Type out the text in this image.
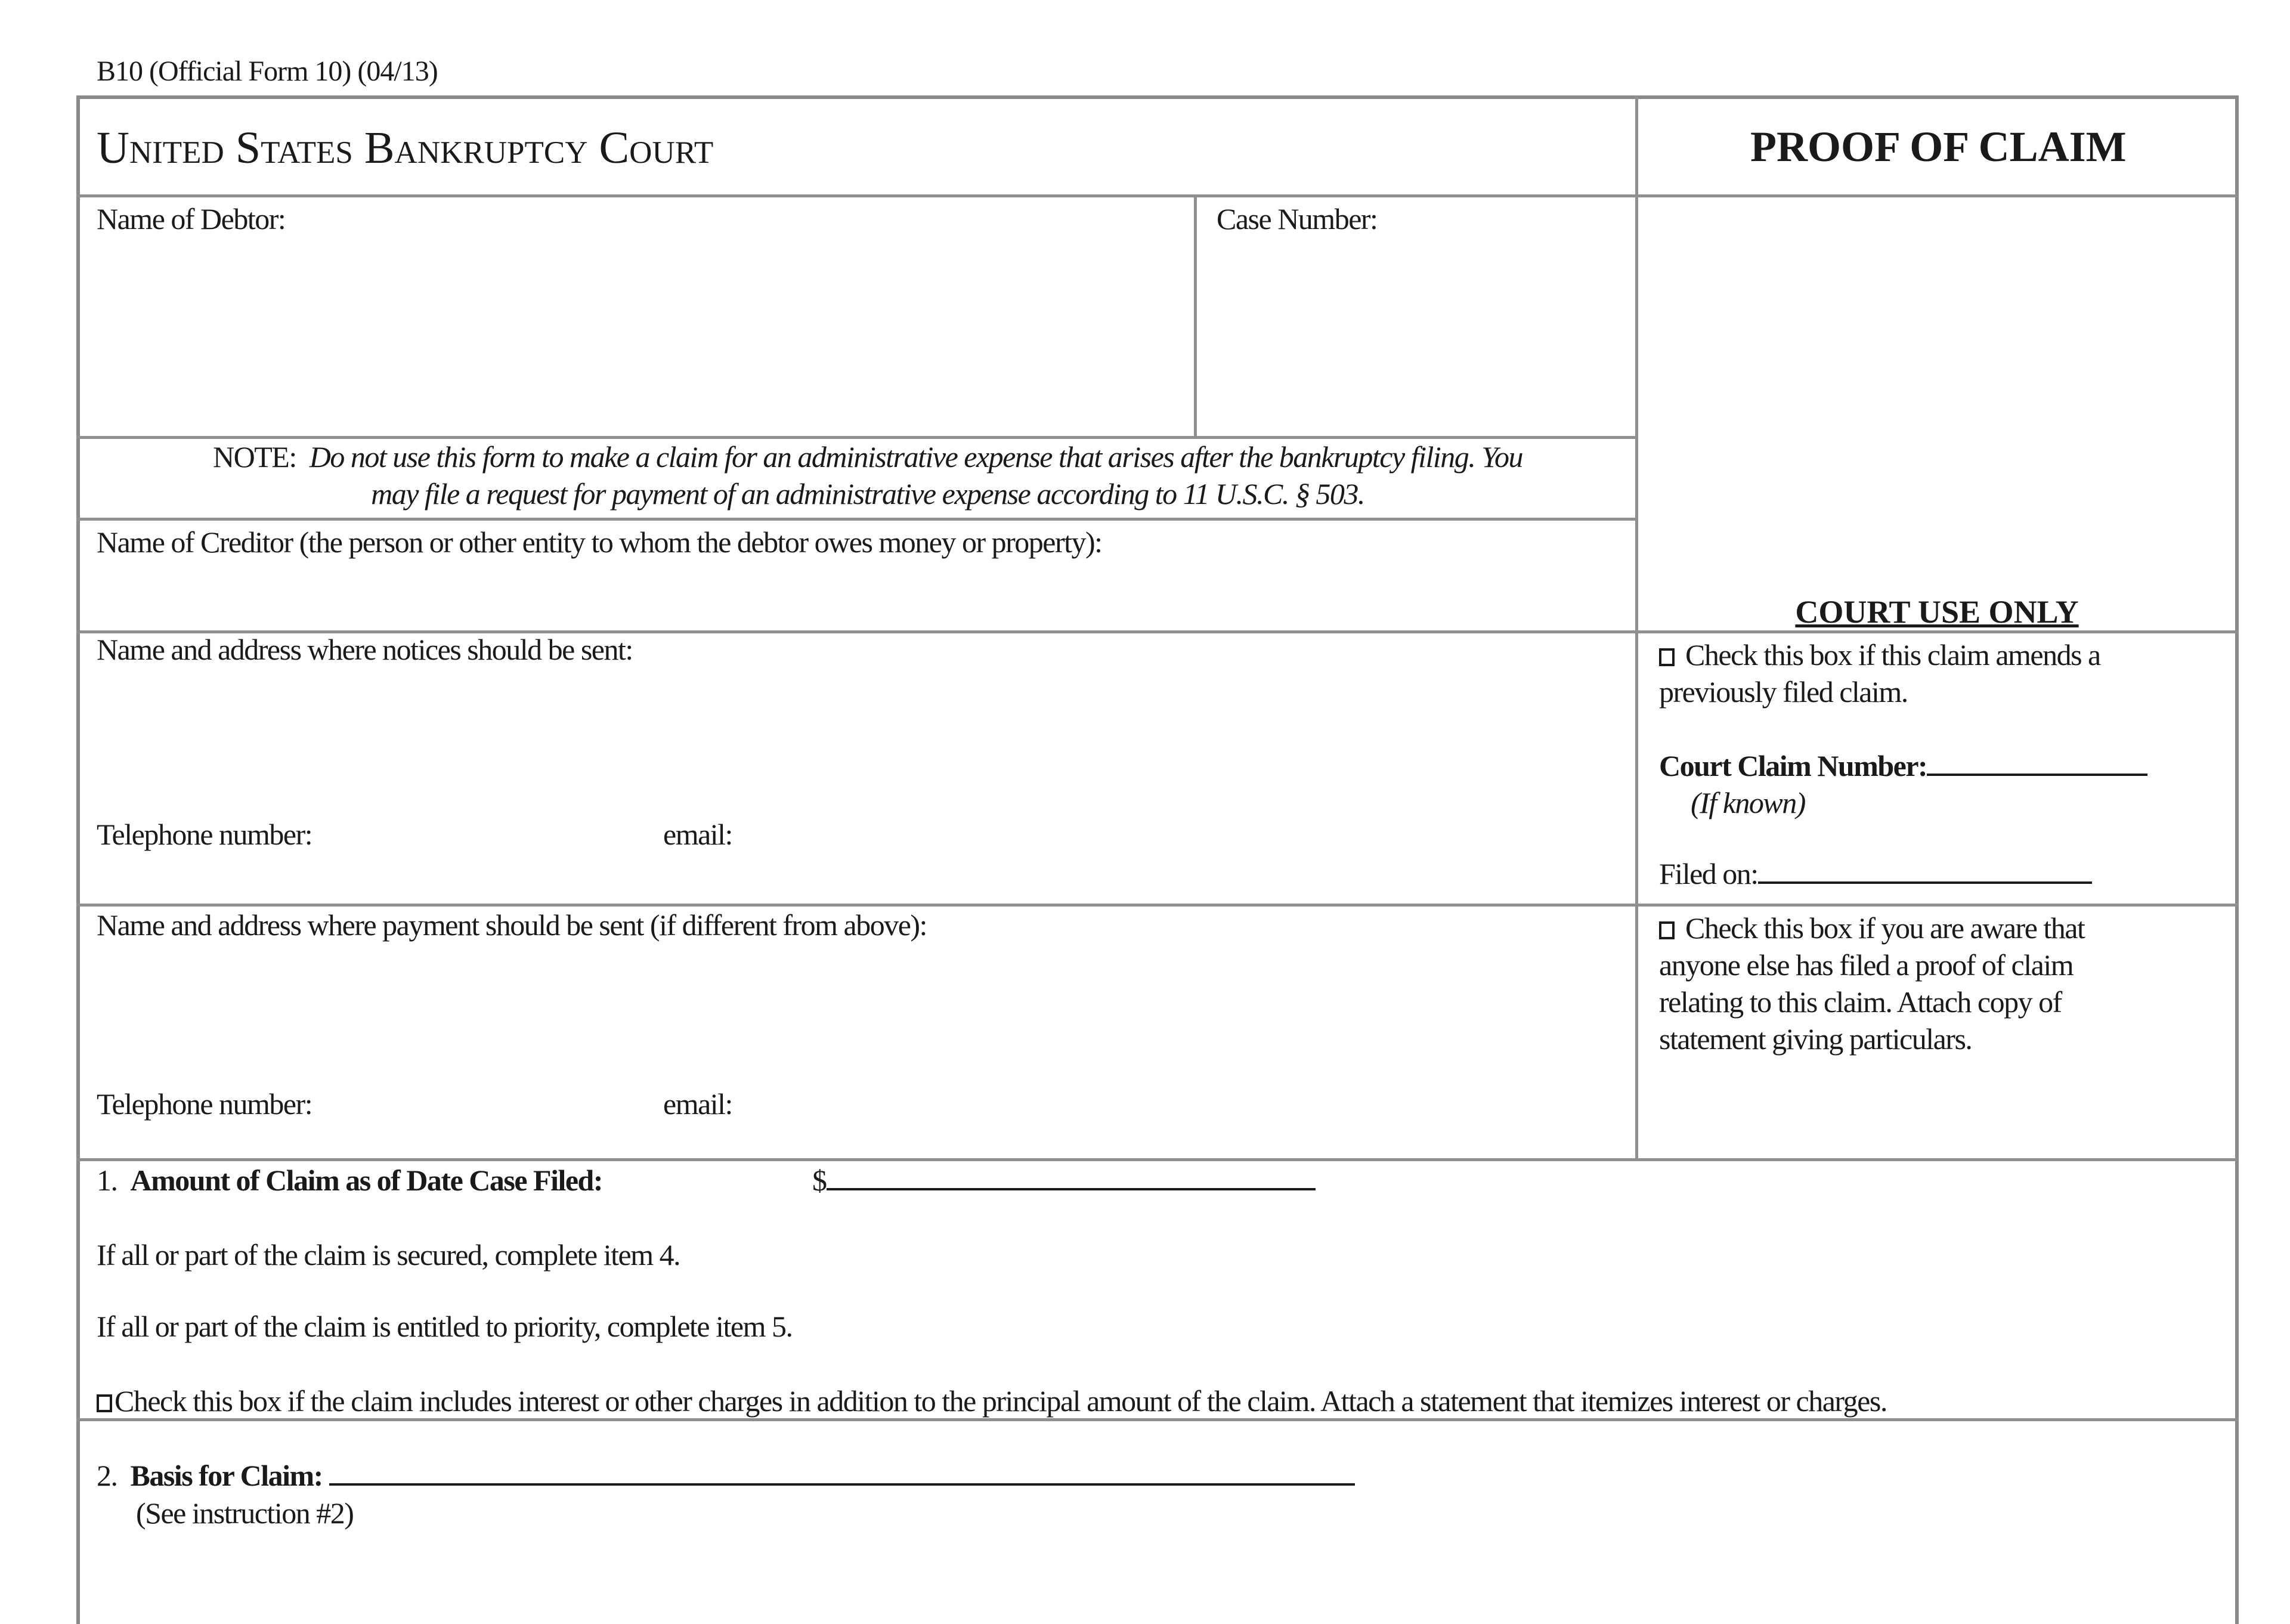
B10 (Official Form 10) (04/13)
United States Bankruptcy Court	PROOF OF CLAIM
Name of Debtor:	Case Number:
NOTE: Do not use this form to make a claim for an administrative expense that arises after the bankruptcy filing. You
may file a request for payment of an administrative expense according to 11 U.S.C. § 503.
Name of Creditor (the person or other entity to whom the debtor owes money or property):
COURT USE ONLY
Name and address where notices should be sent:
Telephone number:	email:
Check this box if this claim amends a
previously filed claim.
Court Claim Number:
(If known)
Filed on:
Name and address where payment should be sent (if different from above):
Telephone number:	email:
Check this box if you are aware that
anyone else has filed a proof of claim
relating to this claim. Attach copy of
statement giving particulars.
1. Amount of Claim as of Date Case Filed:	$
If all or part of the claim is secured, complete item 4.
If all or part of the claim is entitled to priority, complete item 5.
Check this box if the claim includes interest or other charges in addition to the principal amount of the claim. Attach a statement that itemizes interest or charges.
2. Basis for Claim:
(See instruction #2)
